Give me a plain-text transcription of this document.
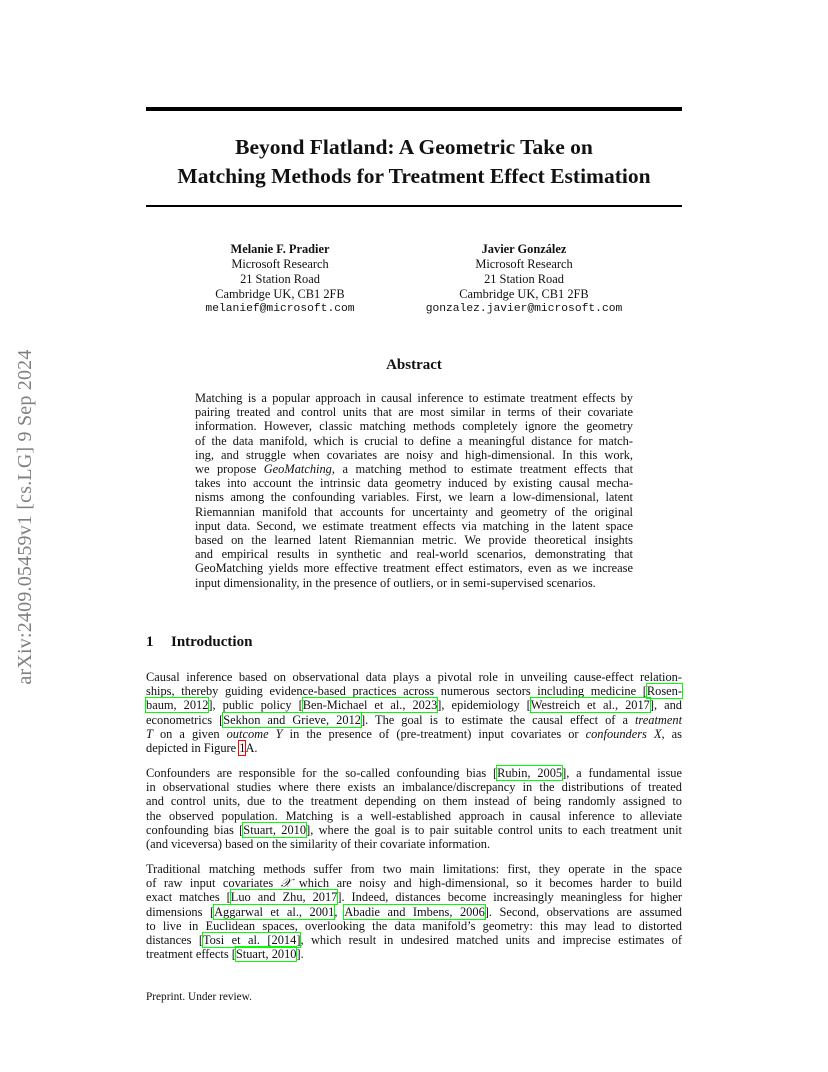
arXiv:2409.05459v1 [cs.LG] 9 Sep 2024
Beyond Flatland: A Geometric Take on
Matching Methods for Treatment Effect Estimation
Melanie F. Pradier
Microsoft Research
21 Station Road
Cambridge UK, CB1 2FB
melanief@microsoft.com
Javier González
Microsoft Research
21 Station Road
Cambridge UK, CB1 2FB
gonzalez.javier@microsoft.com
Abstract
Matching is a popular approach in causal inference to estimate treatment effects by
pairing treated and control units that are most similar in terms of their covariate
information. However, classic matching methods completely ignore the geometry
of the data manifold, which is crucial to define a meaningful distance for match-
ing, and struggle when covariates are noisy and high-dimensional. In this work,
we propose GeoMatching, a matching method to estimate treatment effects that
takes into account the intrinsic data geometry induced by existing causal mecha-
nisms among the confounding variables. First, we learn a low-dimensional, latent
Riemannian manifold that accounts for uncertainty and geometry of the original
input data. Second, we estimate treatment effects via matching in the latent space
based on the learned latent Riemannian metric. We provide theoretical insights
and empirical results in synthetic and real-world scenarios, demonstrating that
GeoMatching yields more effective treatment effect estimators, even as we increase
input dimensionality, in the presence of outliers, or in semi-supervised scenarios.
1 Introduction
Causal inference based on observational data plays a pivotal role in unveiling cause-effect relation-
ships, thereby guiding evidence-based practices across numerous sectors including medicine [Rosen-
baum, 2012], public policy [Ben-Michael et al., 2023], epidemiology [Westreich et al., 2017], and
econometrics [Sekhon and Grieve, 2012]. The goal is to estimate the causal effect of a treatment
T on a given outcome Y in the presence of (pre-treatment) input covariates or confounders X, as
depicted in Figure 1A.
Confounders are responsible for the so-called confounding bias [Rubin, 2005], a fundamental issue
in observational studies where there exists an imbalance/discrepancy in the distributions of treated
and control units, due to the treatment depending on them instead of being randomly assigned to
the observed population. Matching is a well-established approach in causal inference to alleviate
confounding bias [Stuart, 2010], where the goal is to pair suitable control units to each treatment unit
(and viceversa) based on the similarity of their covariate information.
Traditional matching methods suffer from two main limitations: first, they operate in the space
of raw input covariates 𝒳 which are noisy and high-dimensional, so it becomes harder to build
exact matches [Luo and Zhu, 2017]. Indeed, distances become increasingly meaningless for higher
dimensions [Aggarwal et al., 2001, Abadie and Imbens, 2006]. Second, observations are assumed
to live in Euclidean spaces, overlooking the data manifold’s geometry: this may lead to distorted
distances [Tosi et al. [2014], which result in undesired matched units and imprecise estimates of
treatment effects [Stuart, 2010].
Preprint. Under review.
